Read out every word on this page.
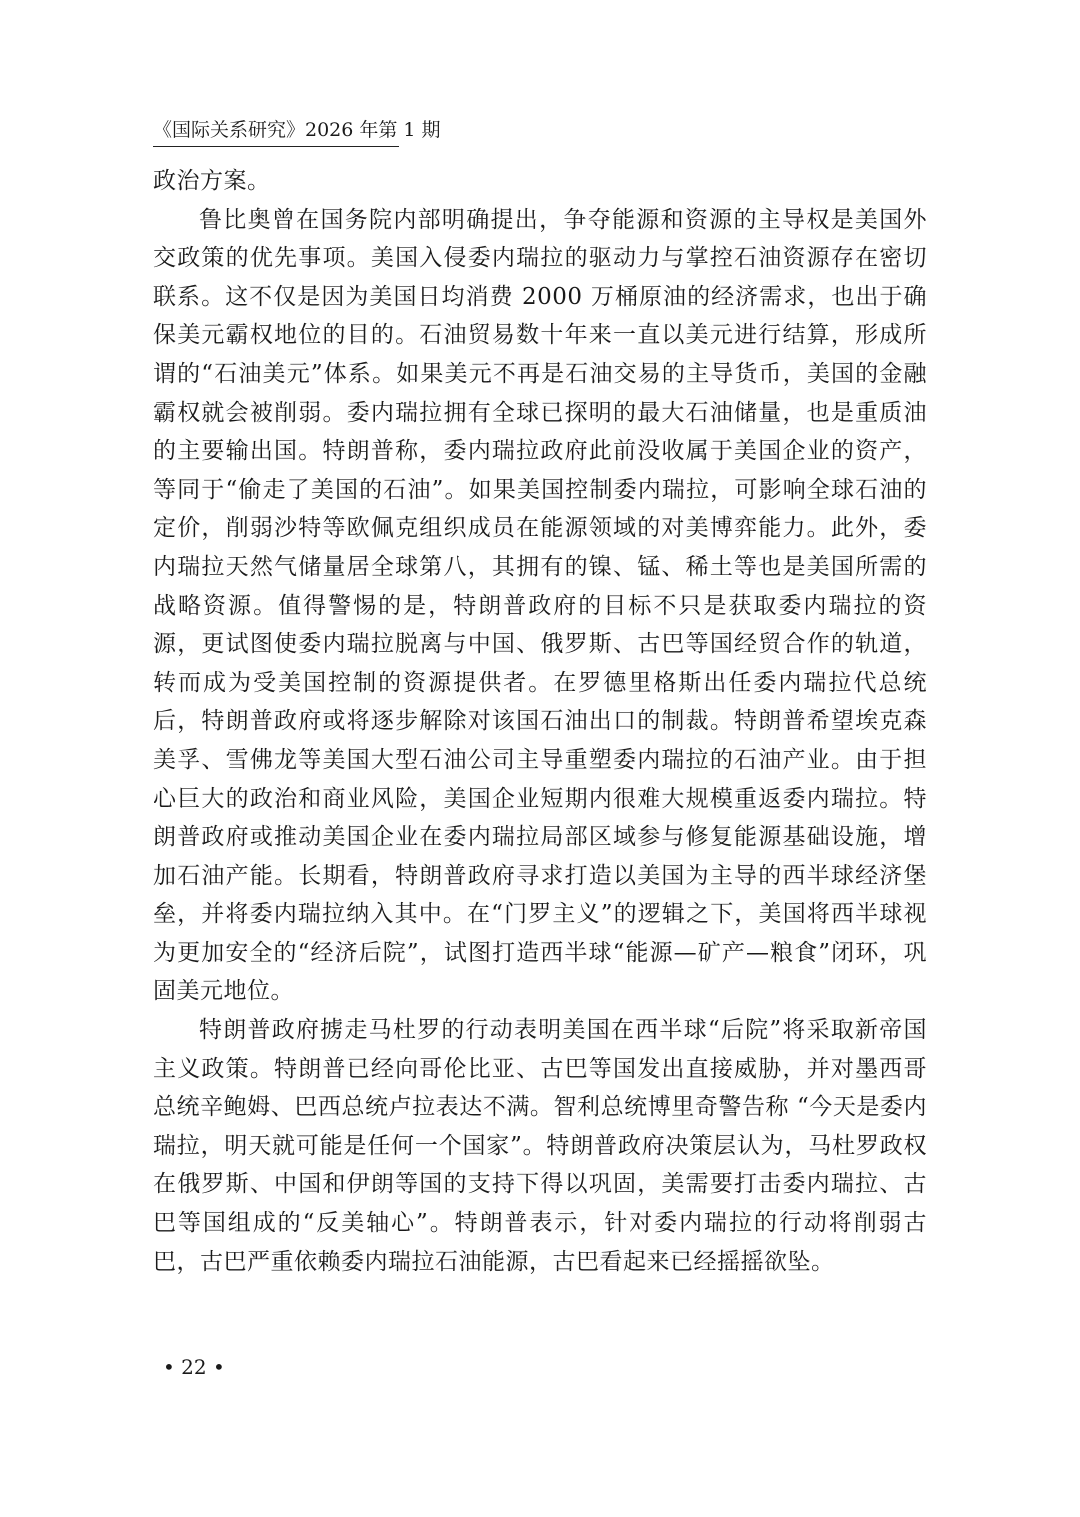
《国际关系研究》2026 年第 1 期

政治方案。

鲁比奥曾在国务院内部明确提出，争夺能源和资源的主导权是美国外交政策的优先事项。美国入侵委内瑞拉的驱动力与掌控石油资源存在密切联系。这不仅是因为美国日均消费 2000 万桶原油的经济需求，也出于确保美元霸权地位的目的。石油贸易数十年来一直以美元进行结算，形成所谓的“石油美元”体系。如果美元不再是石油交易的主导货币，美国的金融霸权就会被削弱。委内瑞拉拥有全球已探明的最大石油储量，也是重质油的主要输出国。特朗普称，委内瑞拉政府此前没收属于美国企业的资产，等同于“偷走了美国的石油”。如果美国控制委内瑞拉，可影响全球石油的定价，削弱沙特等欧佩克组织成员在能源领域的对美博弈能力。此外，委内瑞拉天然气储量居全球第八，其拥有的镍、锰、稀土等也是美国所需的战略资源。值得警惕的是，特朗普政府的目标不只是获取委内瑞拉的资源，更试图使委内瑞拉脱离与中国、俄罗斯、古巴等国经贸合作的轨道，转而成为受美国控制的资源提供者。在罗德里格斯出任委内瑞拉代总统后，特朗普政府或将逐步解除对该国石油出口的制裁。特朗普希望埃克森美孚、雪佛龙等美国大型石油公司主导重塑委内瑞拉的石油产业。由于担心巨大的政治和商业风险，美国企业短期内很难大规模重返委内瑞拉。特朗普政府或推动美国企业在委内瑞拉局部区域参与修复能源基础设施，增加石油产能。长期看，特朗普政府寻求打造以美国为主导的西半球经济堡垒，并将委内瑞拉纳入其中。在“门罗主义”的逻辑之下，美国将西半球视为更加安全的“经济后院”，试图打造西半球“能源—矿产—粮食”闭环，巩固美元地位。

特朗普政府掳走马杜罗的行动表明美国在西半球“后院”将采取新帝国主义政策。特朗普已经向哥伦比亚、古巴等国发出直接威胁，并对墨西哥总统辛鲍姆、巴西总统卢拉表达不满。智利总统博里奇警告称 “今天是委内瑞拉，明天就可能是任何一个国家”。特朗普政府决策层认为，马杜罗政权在俄罗斯、中国和伊朗等国的支持下得以巩固，美需要打击委内瑞拉、古巴等国组成的“反美轴心”。特朗普表示，针对委内瑞拉的行动将削弱古巴，古巴严重依赖委内瑞拉石油能源，古巴看起来已经摇摇欲坠。

• 22 •
